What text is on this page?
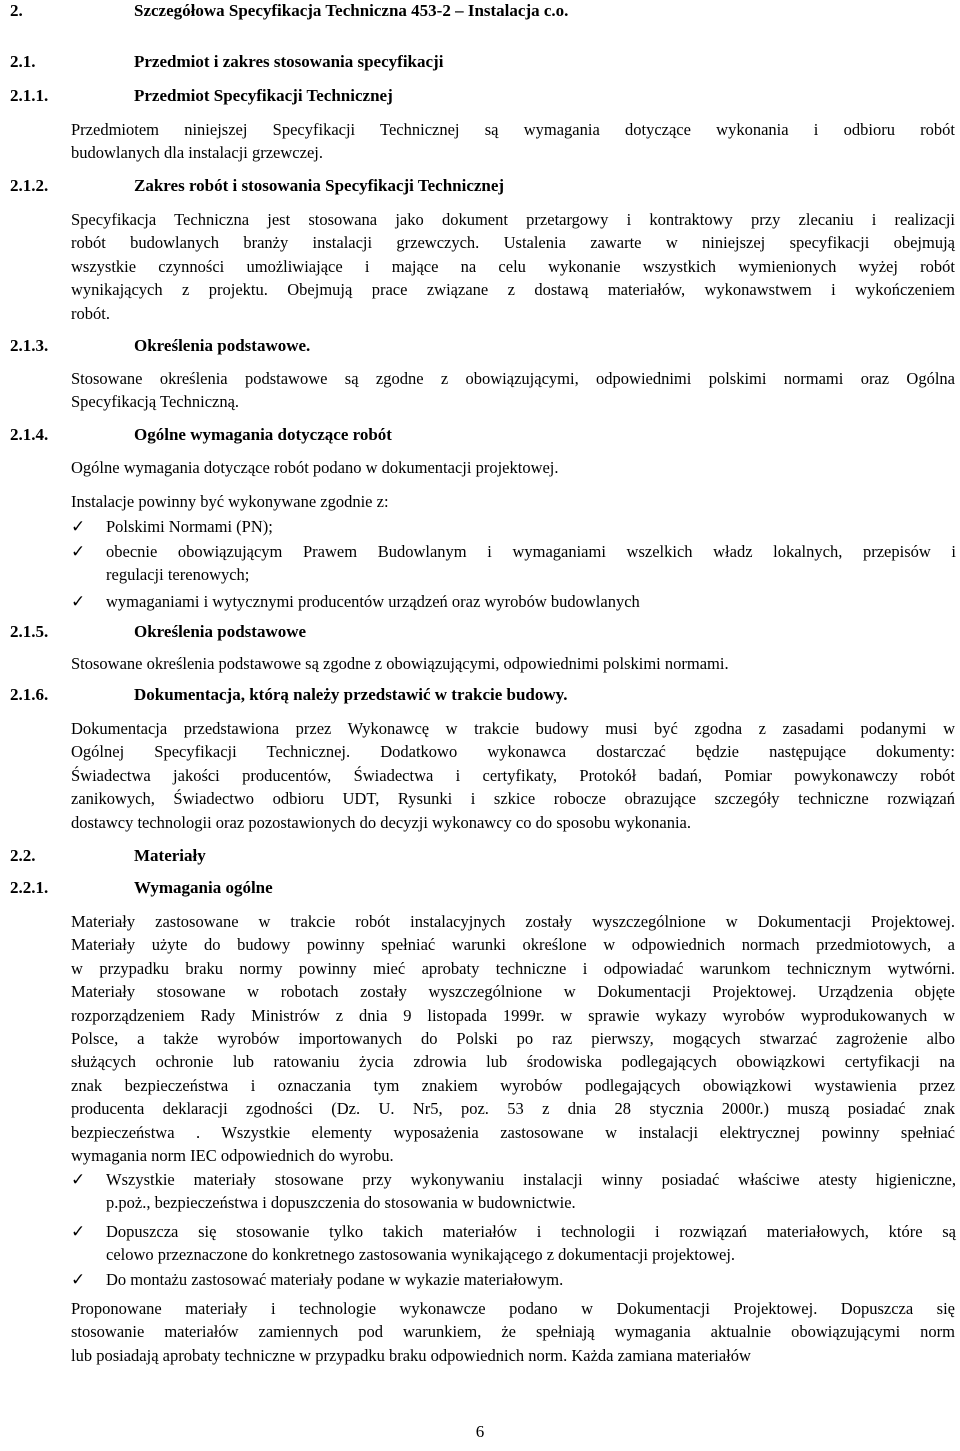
2.	Szczegółowa Specyfikacja Techniczna 453-2 – Instalacja c.o.
2.1.	Przedmiot i zakres stosowania specyfikacji
2.1.1.	Przedmiot Specyfikacji Technicznej
Przedmiotem niniejszej Specyfikacji Technicznej są wymagania dotyczące wykonania i odbioru robót
budowlanych dla instalacji grzewczej.
2.1.2.	Zakres robót i stosowania Specyfikacji Technicznej
Specyfikacja Techniczna jest stosowana jako dokument przetargowy i kontraktowy przy zlecaniu i realizacji
robót budowlanych branży instalacji grzewczych. Ustalenia zawarte w niniejszej specyfikacji obejmują
wszystkie czynności umożliwiające i mające na celu wykonanie wszystkich wymienionych wyżej robót
wynikających z projektu. Obejmują prace związane z dostawą materiałów, wykonawstwem i wykończeniem
robót.
2.1.3.	Określenia podstawowe.
Stosowane określenia podstawowe są zgodne z obowiązującymi, odpowiednimi polskimi normami oraz Ogólna
Specyfikacją Techniczną.
2.1.4.	Ogólne wymagania dotyczące robót
Ogólne wymagania dotyczące robót podano w dokumentacji projektowej.
Instalacje powinny być wykonywane zgodnie z:
✓ Polskimi Normami (PN);
✓ obecnie obowiązującym Prawem Budowlanym i wymaganiami wszelkich władz lokalnych, przepisów i
regulacji terenowych;
✓ wymaganiami i wytycznymi producentów urządzeń oraz wyrobów budowlanych
2.1.5.	Określenia podstawowe
Stosowane określenia podstawowe są zgodne z obowiązującymi, odpowiednimi polskimi normami.
2.1.6.	Dokumentacja, którą należy przedstawić w trakcie budowy.
Dokumentacja przedstawiona przez Wykonawcę w trakcie budowy musi być zgodna z zasadami podanymi w
Ogólnej Specyfikacji Technicznej. Dodatkowo wykonawca dostarczać będzie następujące dokumenty:
Świadectwa jakości producentów, Świadectwa i certyfikaty, Protokół badań, Pomiar powykonawczy robót
zanikowych, Świadectwo odbioru UDT, Rysunki i szkice robocze obrazujące szczegóły techniczne rozwiązań
dostawcy technologii oraz pozostawionych do decyzji wykonawcy co do sposobu wykonania.
2.2.	Materiały
2.2.1.	Wymagania ogólne
Materiały zastosowane w trakcie robót instalacyjnych zostały wyszczególnione w Dokumentacji Projektowej.
Materiały użyte do budowy powinny spełniać warunki określone w odpowiednich normach przedmiotowych, a
w przypadku braku normy powinny mieć aprobaty techniczne i odpowiadać warunkom technicznym wytwórni.
Materiały stosowane w robotach zostały wyszczególnione w Dokumentacji Projektowej. Urządzenia objęte
rozporządzeniem Rady Ministrów z dnia 9 listopada 1999r. w sprawie wykazy wyrobów wyprodukowanych w
Polsce, a także wyrobów importowanych do Polski po raz pierwszy, mogących stwarzać zagrożenie albo
służących ochronie lub ratowaniu życia zdrowia lub środowiska podlegających obowiązkowi certyfikacji na
znak bezpieczeństwa i oznaczania tym znakiem wyrobów podlegających obowiązkowi wystawienia przez
producenta deklaracji zgodności (Dz. U. Nr5, poz. 53 z dnia 28 stycznia 2000r.) muszą posiadać znak
bezpieczeństwa . Wszystkie elementy wyposażenia zastosowane w instalacji elektrycznej powinny spełniać
wymagania norm IEC odpowiednich do wyrobu.
✓ Wszystkie materiały stosowane przy wykonywaniu instalacji winny posiadać właściwe atesty higieniczne,
p.poż., bezpieczeństwa i dopuszczenia do stosowania w budownictwie.
✓ Dopuszcza się stosowanie tylko takich materiałów i technologii i rozwiązań materiałowych, które są
celowo przeznaczone do konkretnego zastosowania wynikającego z dokumentacji projektowej.
✓ Do montażu zastosować materiały podane w wykazie materiałowym.
Proponowane materiały i technologie wykonawcze podano w Dokumentacji Projektowej. Dopuszcza się
stosowanie materiałów zamiennych pod warunkiem, że spełniają wymagania aktualnie obowiązującymi norm
lub posiadają aprobaty techniczne w przypadku braku odpowiednich norm. Każda zamiana materiałów
6
